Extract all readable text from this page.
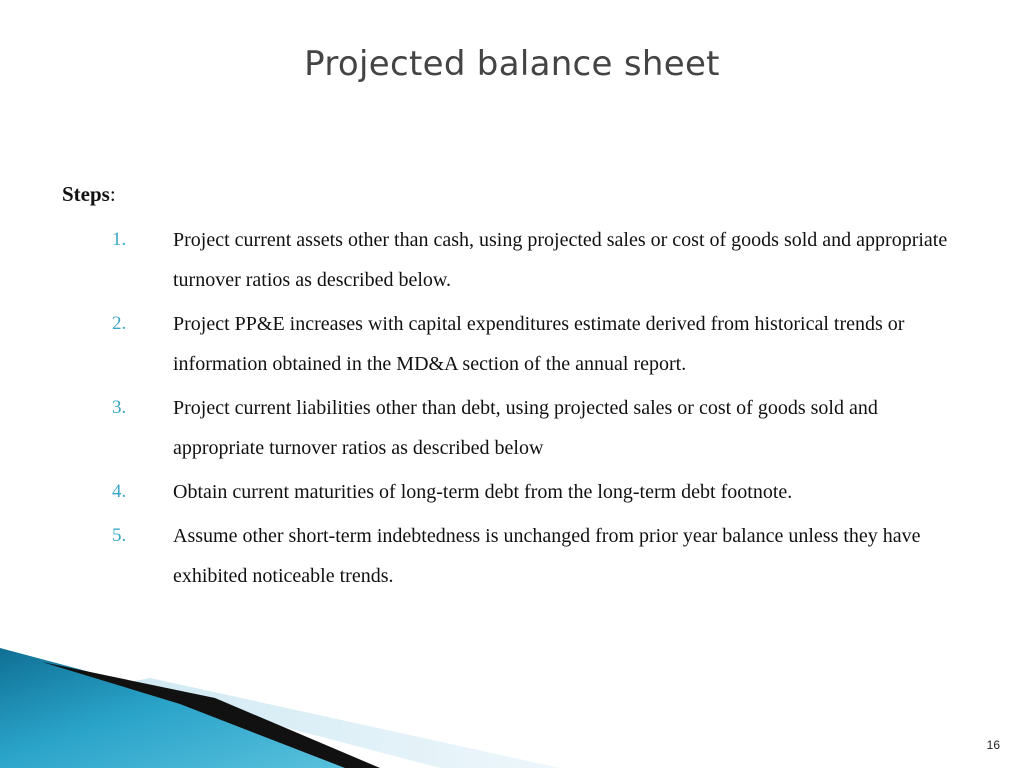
Projected balance sheet
Steps:
1. Project current assets other than cash, using projected sales or cost of goods sold and appropriate turnover ratios as described below.
2. Project PP&E increases with capital expenditures estimate derived from historical trends or information obtained in the MD&A section of the annual report.
3. Project current liabilities other than debt, using projected sales or cost of goods sold and appropriate turnover ratios as described below
4. Obtain current maturities of long-term debt from the long-term debt footnote.
5. Assume other short-term indebtedness is unchanged from prior year balance unless they have exhibited noticeable trends.
16
